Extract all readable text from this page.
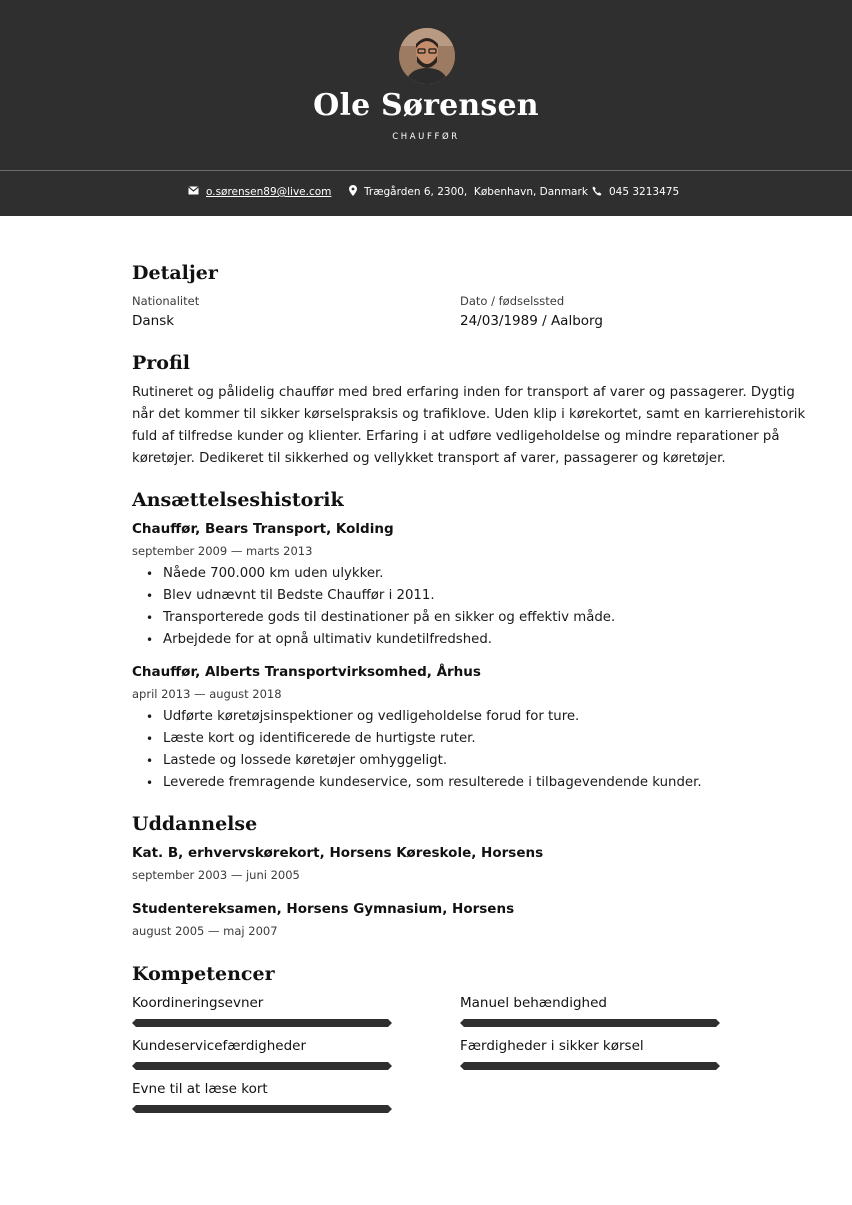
Ole Sørensen
CHAUFFØR
o.sørensen89@live.com	Trægården 6, 2300,  København, Danmark 045 3213475
Detaljer
Nationalitet
Dansk
Dato / fødselssted
24/03/1989 / Aalborg
Profil
Rutineret og pålidelig chauffør med bred erfaring inden for transport af varer og passagerer. Dygtig
når det kommer til sikker kørselspraksis og trafiklove. Uden klip i kørekortet, samt en karrierehistorik
fuld af tilfredse kunder og klienter. Erfaring i at udføre vedligeholdelse og mindre reparationer på
køretøjer. Dedikeret til sikkerhed og vellykket transport af varer, passagerer og køretøjer.
Ansættelseshistorik
Chauffør, Bears Transport, Kolding
september 2009 — marts 2013
• Nåede 700.000 km uden ulykker.
• Blev udnævnt til Bedste Chauffør i 2011.
• Transporterede gods til destinationer på en sikker og effektiv måde.
• Arbejdede for at opnå ultimativ kundetilfredshed.
Chauffør, Alberts Transportvirksomhed, Århus
april 2013 — august 2018
• Udførte køretøjsinspektioner og vedligeholdelse forud for ture.
• Læste kort og identificerede de hurtigste ruter.
• Lastede og lossede køretøjer omhyggeligt.
• Leverede fremragende kundeservice, som resulterede i tilbagevendende kunder.
Uddannelse
Kat. B, erhvervskørekort, Horsens Køreskole, Horsens
september 2003 — juni 2005
Studentereksamen, Horsens Gymnasium, Horsens
august 2005 — maj 2007
Kompetencer
Koordineringsevner	Manuel behændighed
Kundeservicefærdigheder	Færdigheder i sikker kørsel
Evne til at læse kort
